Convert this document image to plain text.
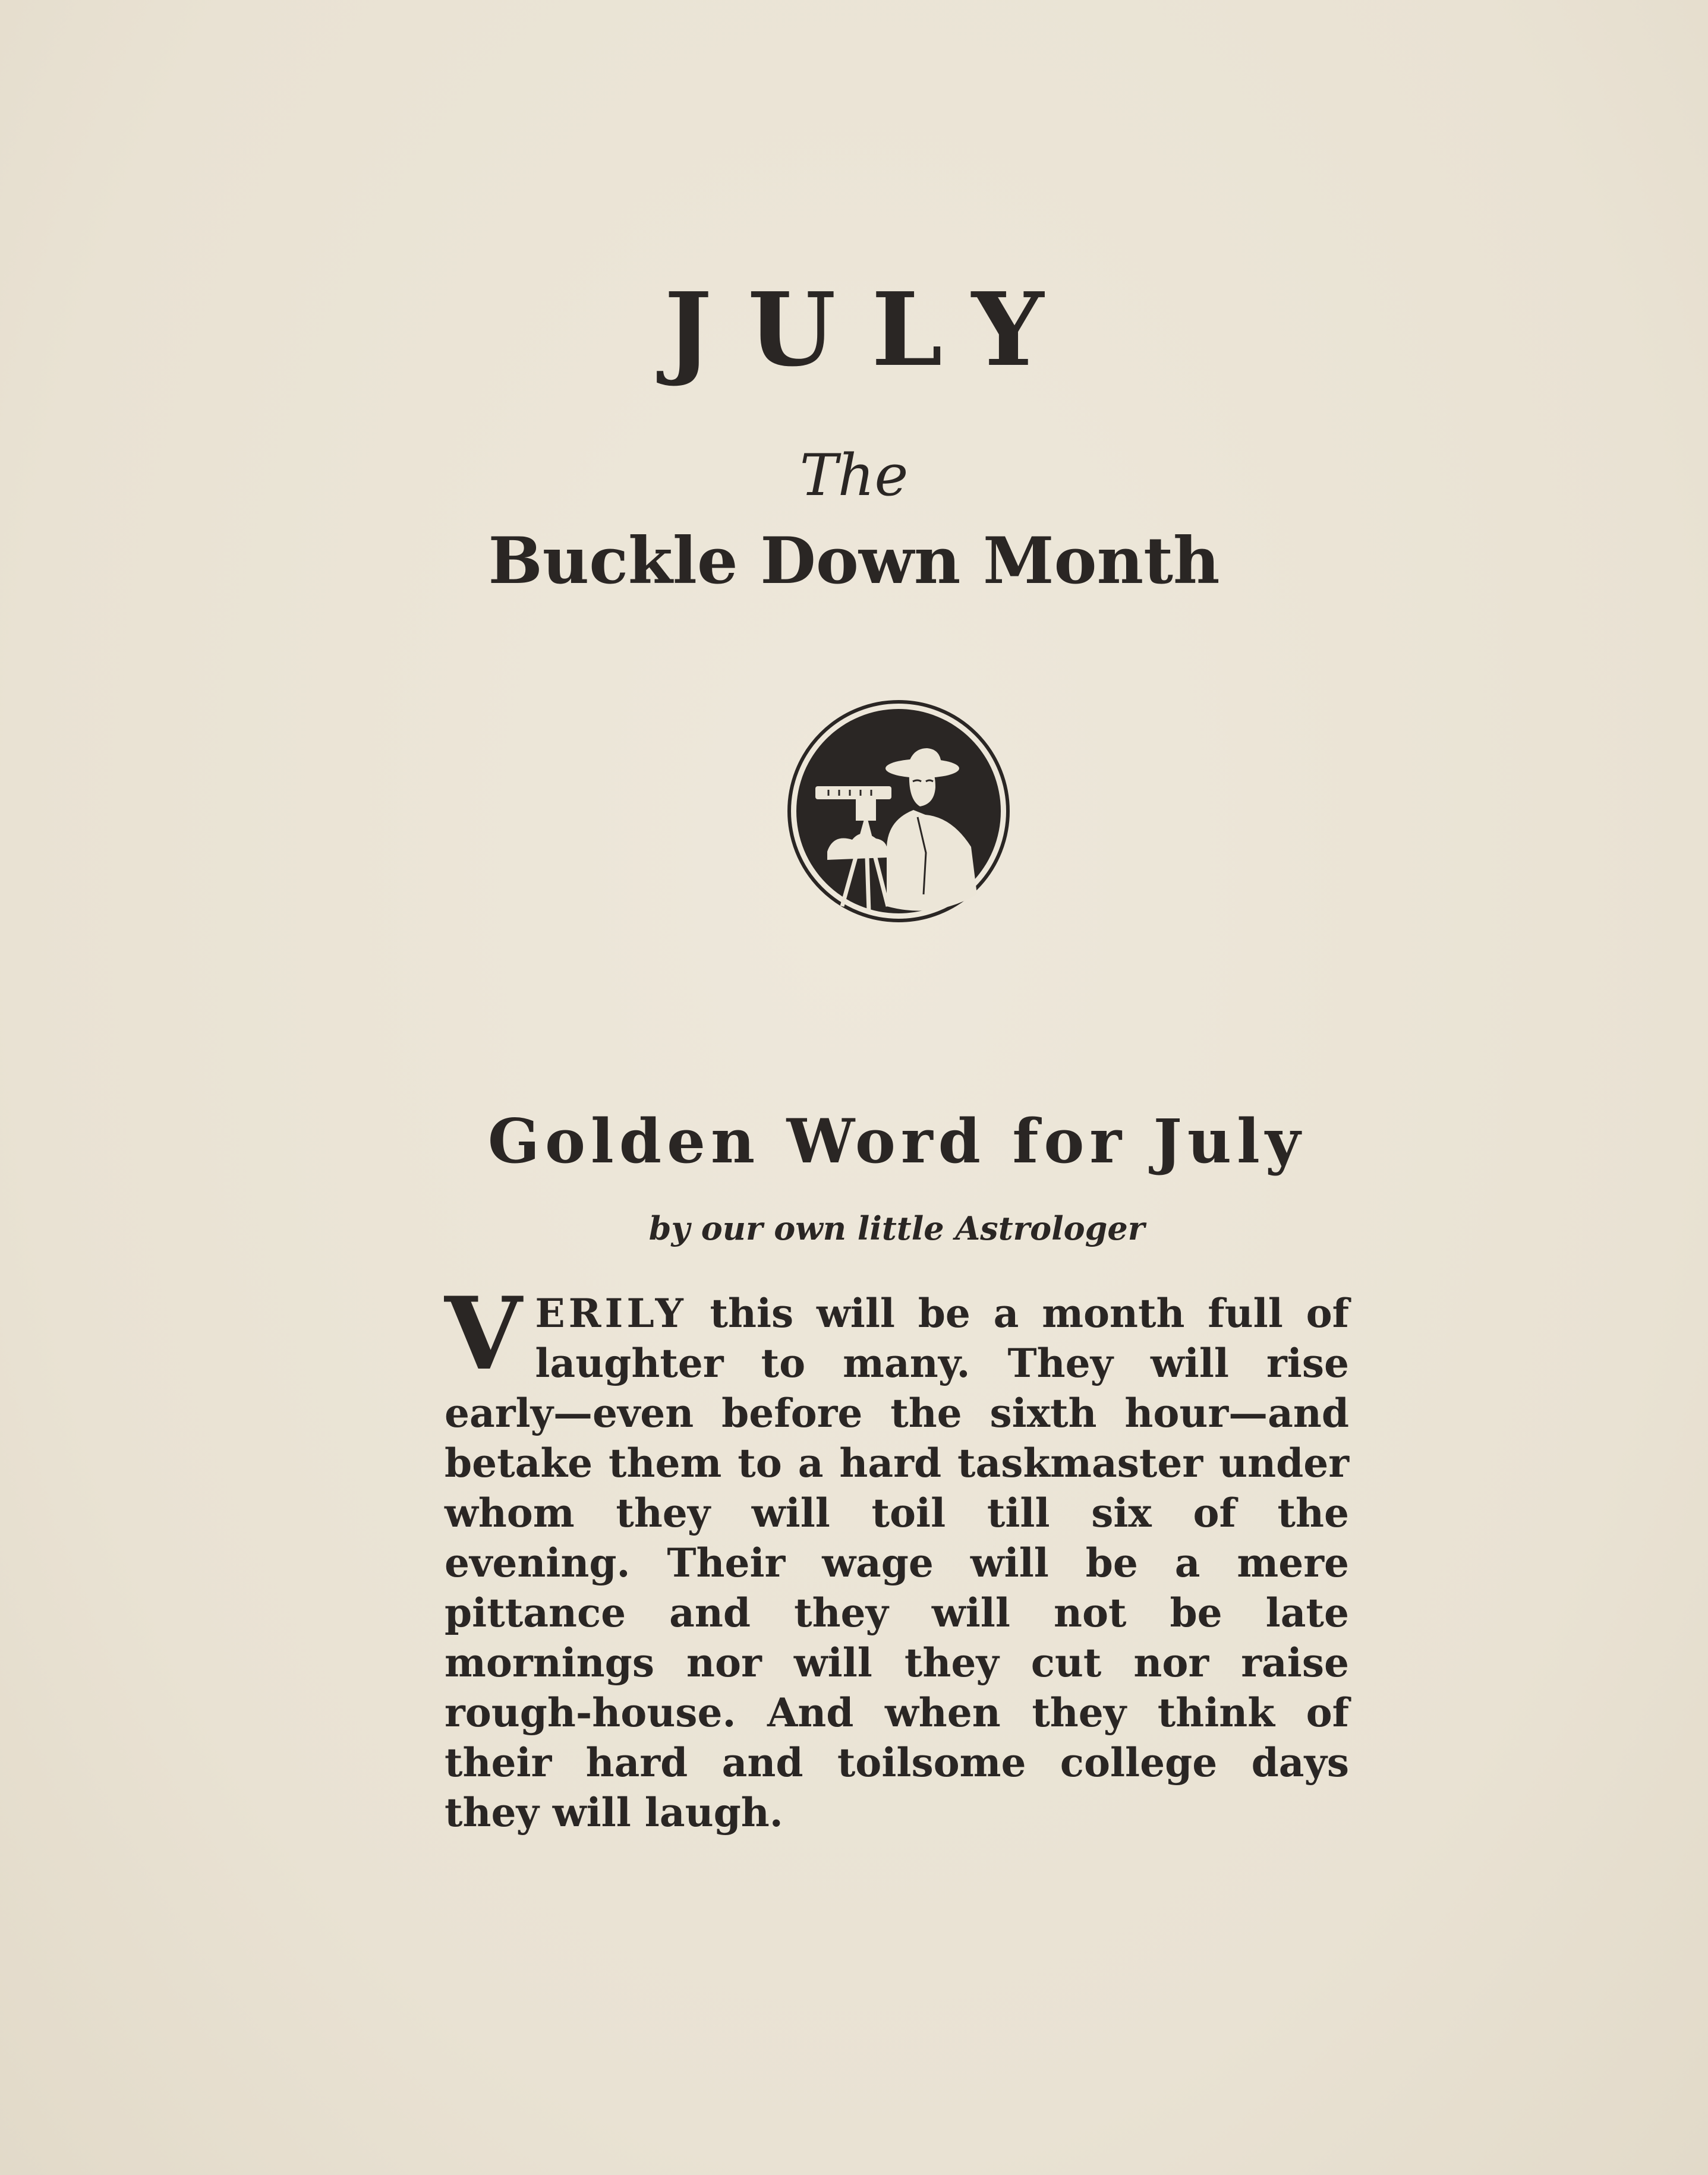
JULY
The
Buckle Down Month
Golden Word for July
by our own little Astrologer
VERILY this will be a month full of laughter to many. They will rise early—even before the sixth hour—and betake them to a hard taskmaster under whom they will toil till six of the evening. Their wage will be a mere pittance and they will not be late mornings nor will they cut nor raise rough-house. And when they think of their hard and toilsome college days they will laugh.
